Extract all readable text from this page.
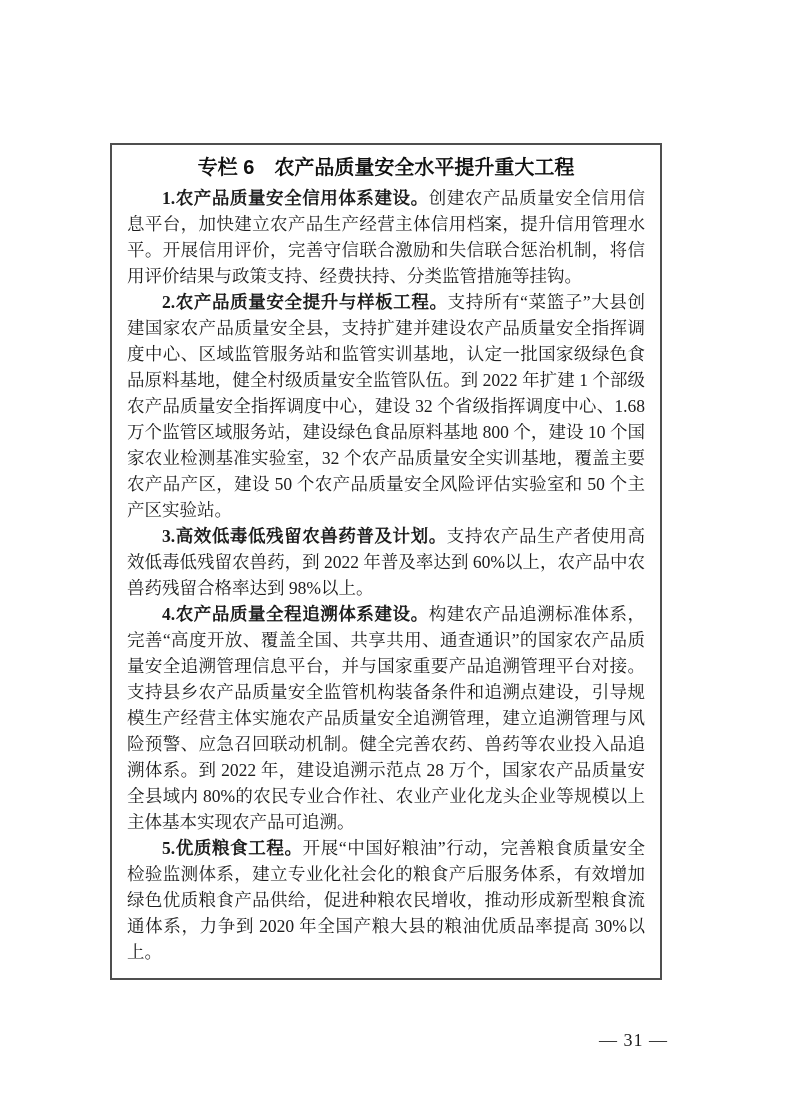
专栏 6　农产品质量安全水平提升重大工程

1.农产品质量安全信用体系建设。创建农产品质量安全信用信息平台，加快建立农产品生产经营主体信用档案，提升信用管理水平。开展信用评价，完善守信联合激励和失信联合惩治机制，将信用评价结果与政策支持、经费扶持、分类监管措施等挂钩。

2.农产品质量安全提升与样板工程。支持所有“菜篮子”大县创建国家农产品质量安全县，支持扩建并建设农产品质量安全指挥调度中心、区域监管服务站和监管实训基地，认定一批国家级绿色食品原料基地，健全村级质量安全监管队伍。到 2022 年扩建 1 个部级农产品质量安全指挥调度中心，建设 32 个省级指挥调度中心、1.68 万个监管区域服务站，建设绿色食品原料基地 800 个，建设 10 个国家农业检测基准实验室，32 个农产品质量安全实训基地，覆盖主要农产品产区，建设 50 个农产品质量安全风险评估实验室和 50 个主产区实验站。

3.高效低毒低残留农兽药普及计划。支持农产品生产者使用高效低毒低残留农兽药，到 2022 年普及率达到 60%以上，农产品中农兽药残留合格率达到 98%以上。

4.农产品质量全程追溯体系建设。构建农产品追溯标准体系，完善“高度开放、覆盖全国、共享共用、通查通识”的国家农产品质量安全追溯管理信息平台，并与国家重要产品追溯管理平台对接。支持县乡农产品质量安全监管机构装备条件和追溯点建设，引导规模生产经营主体实施农产品质量安全追溯管理，建立追溯管理与风险预警、应急召回联动机制。健全完善农药、兽药等农业投入品追溯体系。到 2022 年，建设追溯示范点 28 万个，国家农产品质量安全县域内 80%的农民专业合作社、农业产业化龙头企业等规模以上主体基本实现农产品可追溯。

5.优质粮食工程。开展“中国好粮油”行动，完善粮食质量安全检验监测体系，建立专业化社会化的粮食产后服务体系，有效增加绿色优质粮食产品供给，促进种粮农民增收，推动形成新型粮食流通体系，力争到 2020 年全国产粮大县的粮油优质品率提高 30%以上。

— 31 —
